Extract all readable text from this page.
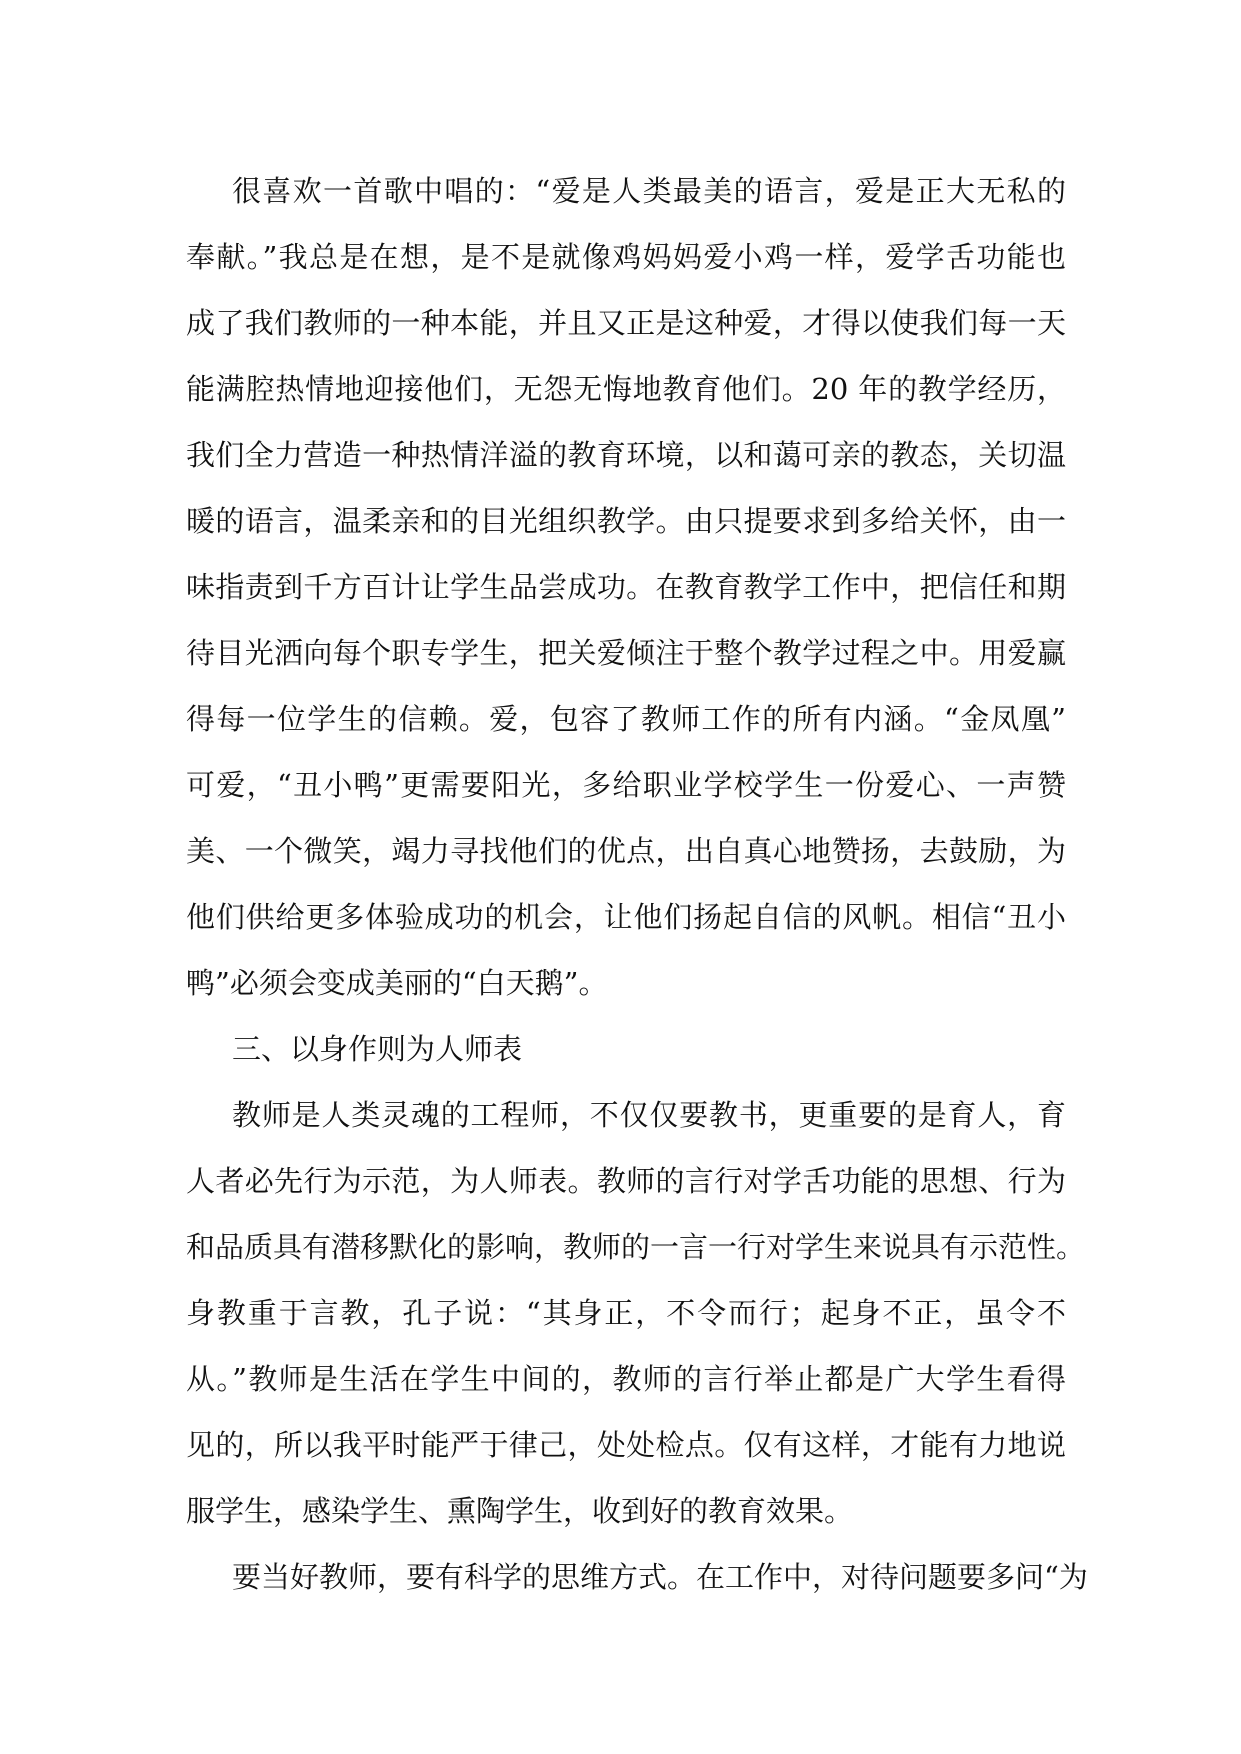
很喜欢一首歌中唱的：“爱是人类最美的语言，爱是正大无私的
奉献。”我总是在想，是不是就像鸡妈妈爱小鸡一样，爱学舌功能也
成了我们教师的一种本能，并且又正是这种爱，才得以使我们每一天
能满腔热情地迎接他们，无怨无悔地教育他们。20 年的教学经历，
我们全力营造一种热情洋溢的教育环境，以和蔼可亲的教态，关切温
暖的语言，温柔亲和的目光组织教学。由只提要求到多给关怀，由一
味指责到千方百计让学生品尝成功。在教育教学工作中，把信任和期
待目光洒向每个职专学生，把关爱倾注于整个教学过程之中。用爱赢
得每一位学生的信赖。爱，包容了教师工作的所有内涵。“金凤凰”
可爱，“丑小鸭”更需要阳光，多给职业学校学生一份爱心、一声赞
美、一个微笑，竭力寻找他们的优点，出自真心地赞扬，去鼓励，为
他们供给更多体验成功的机会，让他们扬起自信的风帆。相信“丑小
鸭”必须会变成美丽的“白天鹅”。
三、以身作则为人师表
教师是人类灵魂的工程师，不仅仅要教书，更重要的是育人，育
人者必先行为示范，为人师表。教师的言行对学舌功能的思想、行为
和品质具有潜移默化的影响，教师的一言一行对学生来说具有示范性。
身教重于言教，孔子说：“其身正，不令而行；起身不正，虽令不
从。”教师是生活在学生中间的，教师的言行举止都是广大学生看得
见的，所以我平时能严于律己，处处检点。仅有这样，才能有力地说
服学生，感染学生、熏陶学生，收到好的教育效果。
要当好教师，要有科学的思维方式。在工作中，对待问题要多问“为
